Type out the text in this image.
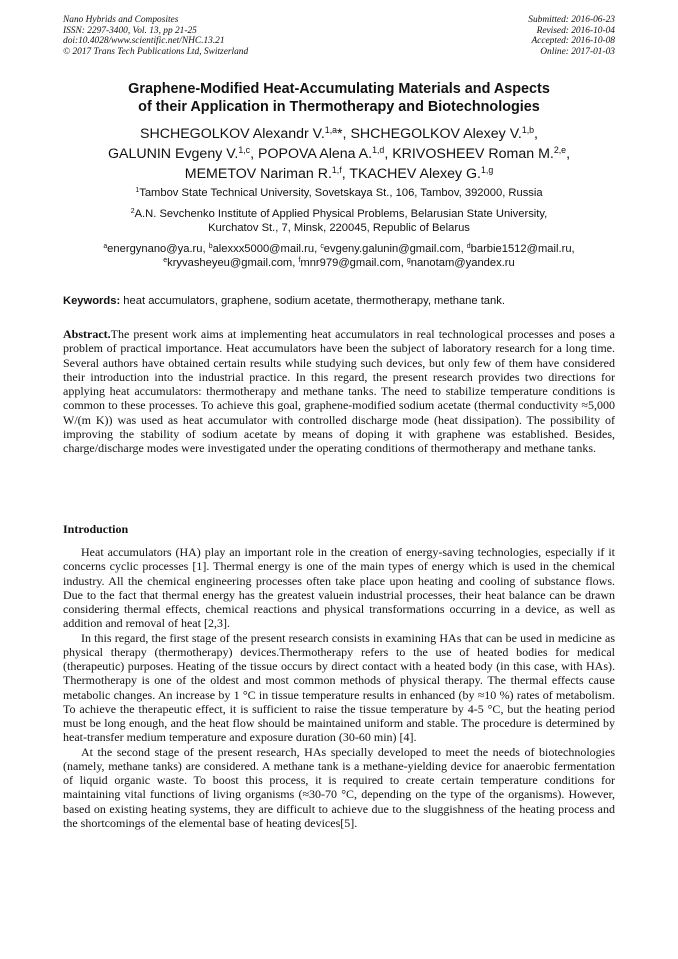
Nano Hybrids and Composites
ISSN: 2297-3400, Vol. 13, pp 21-25
doi:10.4028/www.scientific.net/NHC.13.21
© 2017 Trans Tech Publications Ltd, Switzerland
Submitted: 2016-06-23
Revised: 2016-10-04
Accepted: 2016-10-08
Online: 2017-01-03
Graphene-Modified Heat-Accumulating Materials and Aspects
of their Application in Thermotherapy and Biotechnologies
SHCHEGOLKOV Alexandr V.$^{1,a}$*, SHCHEGOLKOV Alexey V.$^{1,b}$,
GALUNIN Evgeny V.$^{1,c}$, POPOVA Alena A.$^{1,d}$, KRIVOSHEEV Roman M.$^{2,e}$,
MEMETOV Nariman R.$^{1,f}$, TKACHEV Alexey G.$^{1,g}$
$^1$Tambov State Technical University, Sovetskaya St., 106, Tambov, 392000, Russia
$^2$A.N. Sevchenko Institute of Applied Physical Problems, Belarusian State University,
Kurchatov St., 7, Minsk, 220045, Republic of Belarus
$^a$energynano@ya.ru, $^b$alexxx5000@mail.ru, $^c$evgeny.galunin@gmail.com, $^d$barbie1512@mail.ru,
$^e$kryvasheyeu@gmail.com, $^f$mnr979@gmail.com, $^g$nanotam@yandex.ru
Keywords: heat accumulators, graphene, sodium acetate, thermotherapy, methane tank.
Abstract.The present work aims at implementing heat accumulators in real technological processes and poses a problem of practical importance. Heat accumulators have been the subject of laboratory research for a long time. Several authors have obtained certain results while studying such devices, but only few of them have considered their introduction into the industrial practice. In this regard, the present research provides two directions for applying heat accumulators: thermotherapy and methane tanks. The need to stabilize temperature conditions is common to these processes. To achieve this goal, graphene-modified sodium acetate (thermal conductivity ≈5,000 W/(m K)) was used as heat accumulator with controlled discharge mode (heat dissipation). The possibility of improving the stability of sodium acetate by means of doping it with graphene was established. Besides, charge/discharge modes were investigated under the operating conditions of thermotherapy and methane tanks.
Introduction

Heat accumulators (HA) play an important role in the creation of energy-saving technologies, especially if it concerns cyclic processes [1]. Thermal energy is one of the main types of energy which is used in the chemical industry. All the chemical engineering processes often take place upon heating and cooling of substance flows. Due to the fact that thermal energy has the greatest valuein industrial processes, their heat balance can be drawn considering thermal effects, chemical reactions and physical transformations occurring in a device, as well as addition and removal of heat [2,3].

In this regard, the first stage of the present research consists in examining HAs that can be used in medicine as physical therapy (thermotherapy) devices.Thermotherapy refers to the use of heated bodies for medical (therapeutic) purposes. Heating of the tissue occurs by direct contact with a heated body (in this case, with HAs). Thermotherapy is one of the oldest and most common methods of physical therapy. The thermal effects cause metabolic changes. An increase by 1 °C in tissue temperature results in enhanced (by ≈10 %) rates of metabolism. To achieve the therapeutic effect, it is sufficient to raise the tissue temperature by 4-5 °C, but the heating period must be long enough, and the heat flow should be maintained uniform and stable. The procedure is determined by heat-transfer medium temperature and exposure duration (30-60 min) [4].

At the second stage of the present research, HAs specially developed to meet the needs of biotechnologies (namely, methane tanks) are considered. A methane tank is a methane-yielding device for anaerobic fermentation of liquid organic waste. To boost this process, it is required to create certain temperature conditions for maintaining vital functions of living organisms (≈30-70 °C, depending on the type of the organisms). However, based on existing heating systems, they are difficult to achieve due to the sluggishness of the heating process and the shortcomings of the elemental base of heating devices[5].
